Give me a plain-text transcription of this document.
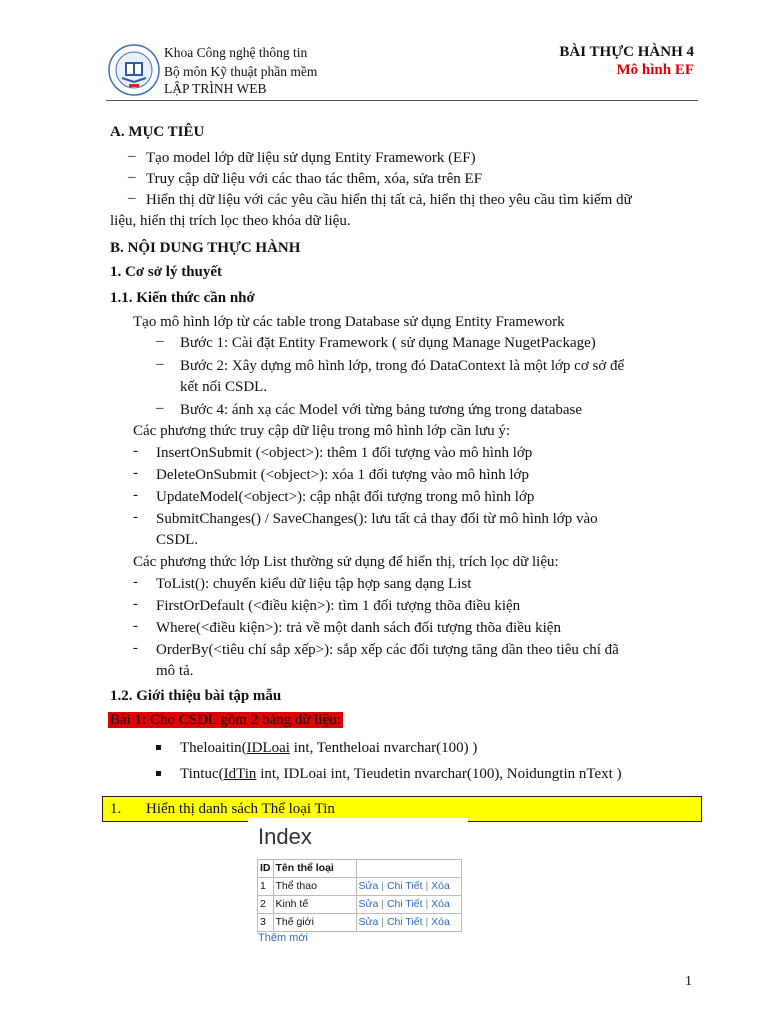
Khoa Công nghệ thông tin
Bộ môn Kỹ thuật phần mềm
LẬP TRÌNH WEB
BÀI THỰC HÀNH 4
Mô hình EF
A. MỤC TIÊU
– Tạo model lớp dữ liệu sử dụng Entity Framework (EF)
– Truy cập dữ liệu với các thao tác thêm, xóa, sửa trên EF
– Hiển thị dữ liệu với các yêu cầu hiển thị tất cả, hiển thị theo yêu cầu tìm kiếm dữ
liệu, hiển thị trích lọc theo khóa dữ liệu.
B. NỘI DUNG THỰC HÀNH
1. Cơ sở lý thuyết
1.1. Kiến thức cần nhớ
Tạo mô hình lớp từ các table trong Database sử dụng Entity Framework
– Bước 1: Cài đặt Entity Framework ( sử dụng Manage NugetPackage)
– Bước 2: Xây dựng mô hình lớp, trong đó DataContext là một lớp cơ sở để
kết nối CSDL.
– Bước 4: ánh xạ các Model với từng bảng tương ứng trong database
Các phương thức truy cập dữ liệu trong mô hình lớp cần lưu ý:
- InsertOnSubmit (<object>): thêm 1 đối tượng vào mô hình lớp
- DeleteOnSubmit (<object>): xóa 1 đối tượng vào mô hình lớp
- UpdateModel(<object>): cập nhật đối tượng trong mô hình lớp
- SubmitChanges() / SaveChanges(): lưu tất cả thay đổi từ mô hình lớp vào
CSDL.
Các phương thức lớp List thường sử dụng để hiển thị, trích lọc dữ liệu:
- ToList(): chuyển kiểu dữ liệu tập hợp sang dạng List
- FirstOrDefault (<điều kiện>): tìm 1 đối tượng thõa điều kiện
- Where(<điều kiện>): trả về một danh sách đối tượng thõa điều kiện
- OrderBy(<tiêu chí sắp xếp>): sắp xếp các đối tượng tăng dần theo tiêu chí đã
mô tả.
1.2. Giới thiệu bài tập mẫu
Bài 1: Cho CSDL gồm 2 bảng dữ liệu:
Theloaitin(IDLoai int, Tentheloai nvarchar(100) )
Tintuc(IdTin int, IDLoai int, Tieudetin nvarchar(100), Noidungtin nText )
1. Hiển thị danh sách Thể loại Tin
Index
ID	Tên thể loại	
1	Thể thao	Sửa | Chi Tiết | Xóa
2	Kinh tế	Sửa | Chi Tiết | Xóa
3	Thế giới	Sửa | Chi Tiết | Xóa
Thêm mới
1
